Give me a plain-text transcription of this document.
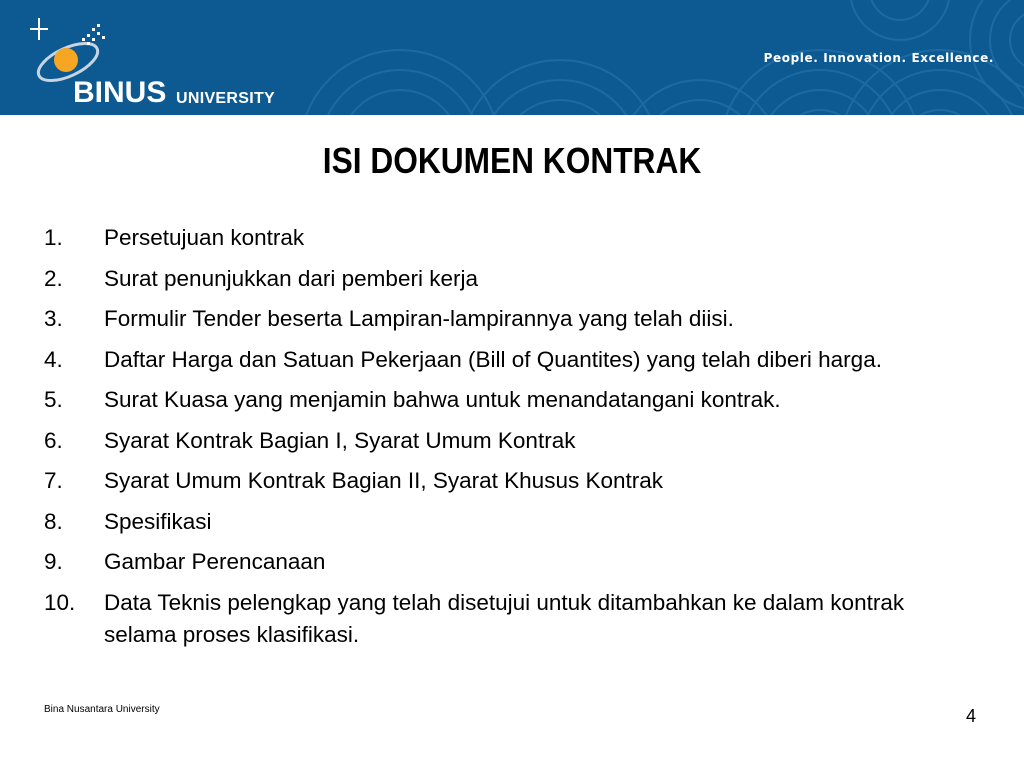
BINUS UNIVERSITY
People. Innovation. Excellence.
ISI DOKUMEN KONTRAK
1.	Persetujuan kontrak
2.	Surat penunjukkan dari pemberi kerja
3.	Formulir Tender beserta Lampiran-lampirannya yang telah diisi.
4.	Daftar Harga dan Satuan Pekerjaan (Bill of Quantites) yang telah diberi harga.
5.	Surat Kuasa yang menjamin bahwa untuk menandatangani kontrak.
6.	Syarat Kontrak Bagian I, Syarat Umum Kontrak
7.	Syarat Umum Kontrak Bagian II, Syarat Khusus Kontrak
8.	Spesifikasi
9.	Gambar Perencanaan
10.	Data Teknis pelengkap yang telah disetujui untuk ditambahkan ke dalam kontrak selama proses klasifikasi.
Bina Nusantara University	4
